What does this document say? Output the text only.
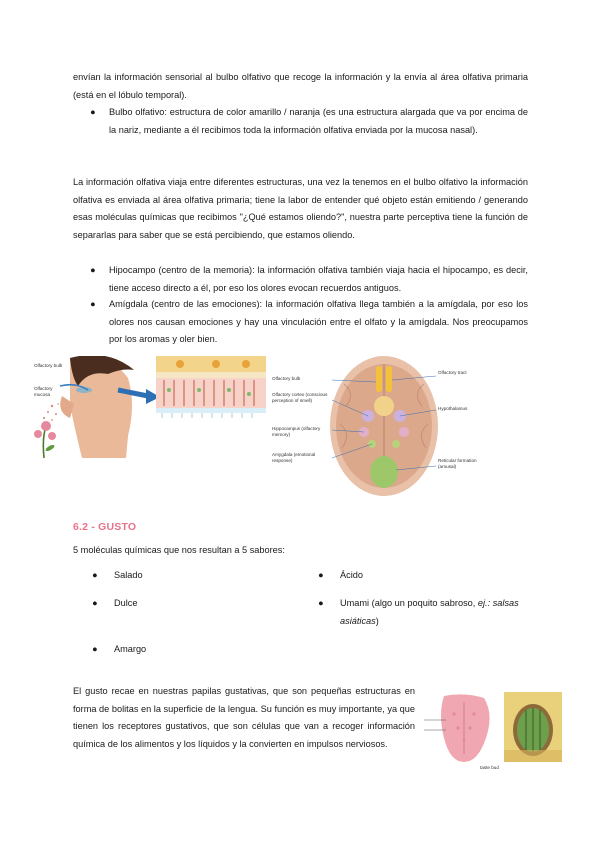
envían la información sensorial al bulbo olfativo que recoge la información y la envía al área olfativa primaria (está en el lóbulo temporal).
● Bulbo olfativo: estructura de color amarillo / naranja (es una estructura alargada que va por encima de la nariz, mediante a él recibimos toda la información olfativa enviada por la mucosa nasal).
La información olfativa viaja entre diferentes estructuras, una vez la tenemos en el bulbo olfativo la información olfativa es enviada al área olfativa primaria; tiene la labor de entender qué objeto están emitiendo / generando esas moléculas químicas que recibimos "¿Qué estamos oliendo?", nuestra parte perceptiva tiene la función de separarlas para saber que se está percibiendo, que estamos oliendo.
● Hipocampo (centro de la memoria): la información olfativa también viaja hacia el hipocampo, es decir, tiene acceso directo a él, por eso los olores evocan recuerdos antiguos.
● Amígdala (centro de las emociones): la información olfativa llega también a la amígdala, por eso los olores nos causan emociones y hay una vinculación entre el olfato y la amígdala. Nos preocupamos por los aromas y oler bien.
Olfactory bulb
Olfactory mucosa
Olfactory bulb
Olfactory cortex (conscious perception of smell)
Hippocampus (olfactory memory)
Amygdala (emotional response)
Olfactory tract
Hypothalamus
Reticular formation (arousal)
6.2 - GUSTO
5 moléculas químicas que nos resultan a 5 sabores:
● Salado
● Dulce
● Amargo
● Ácido
● Umami (algo un poquito sabroso, ej.: salsas asiáticas)
El gusto recae en nuestras papilas gustativas, que son pequeñas estructuras en forma de bolitas en la superficie de la lengua. Su función es muy importante, ya que tienen los receptores gustativos, que son células que van a recoger información química de los alimentos y los líquidos y la convierten en impulsos nerviosos.
taste bud
